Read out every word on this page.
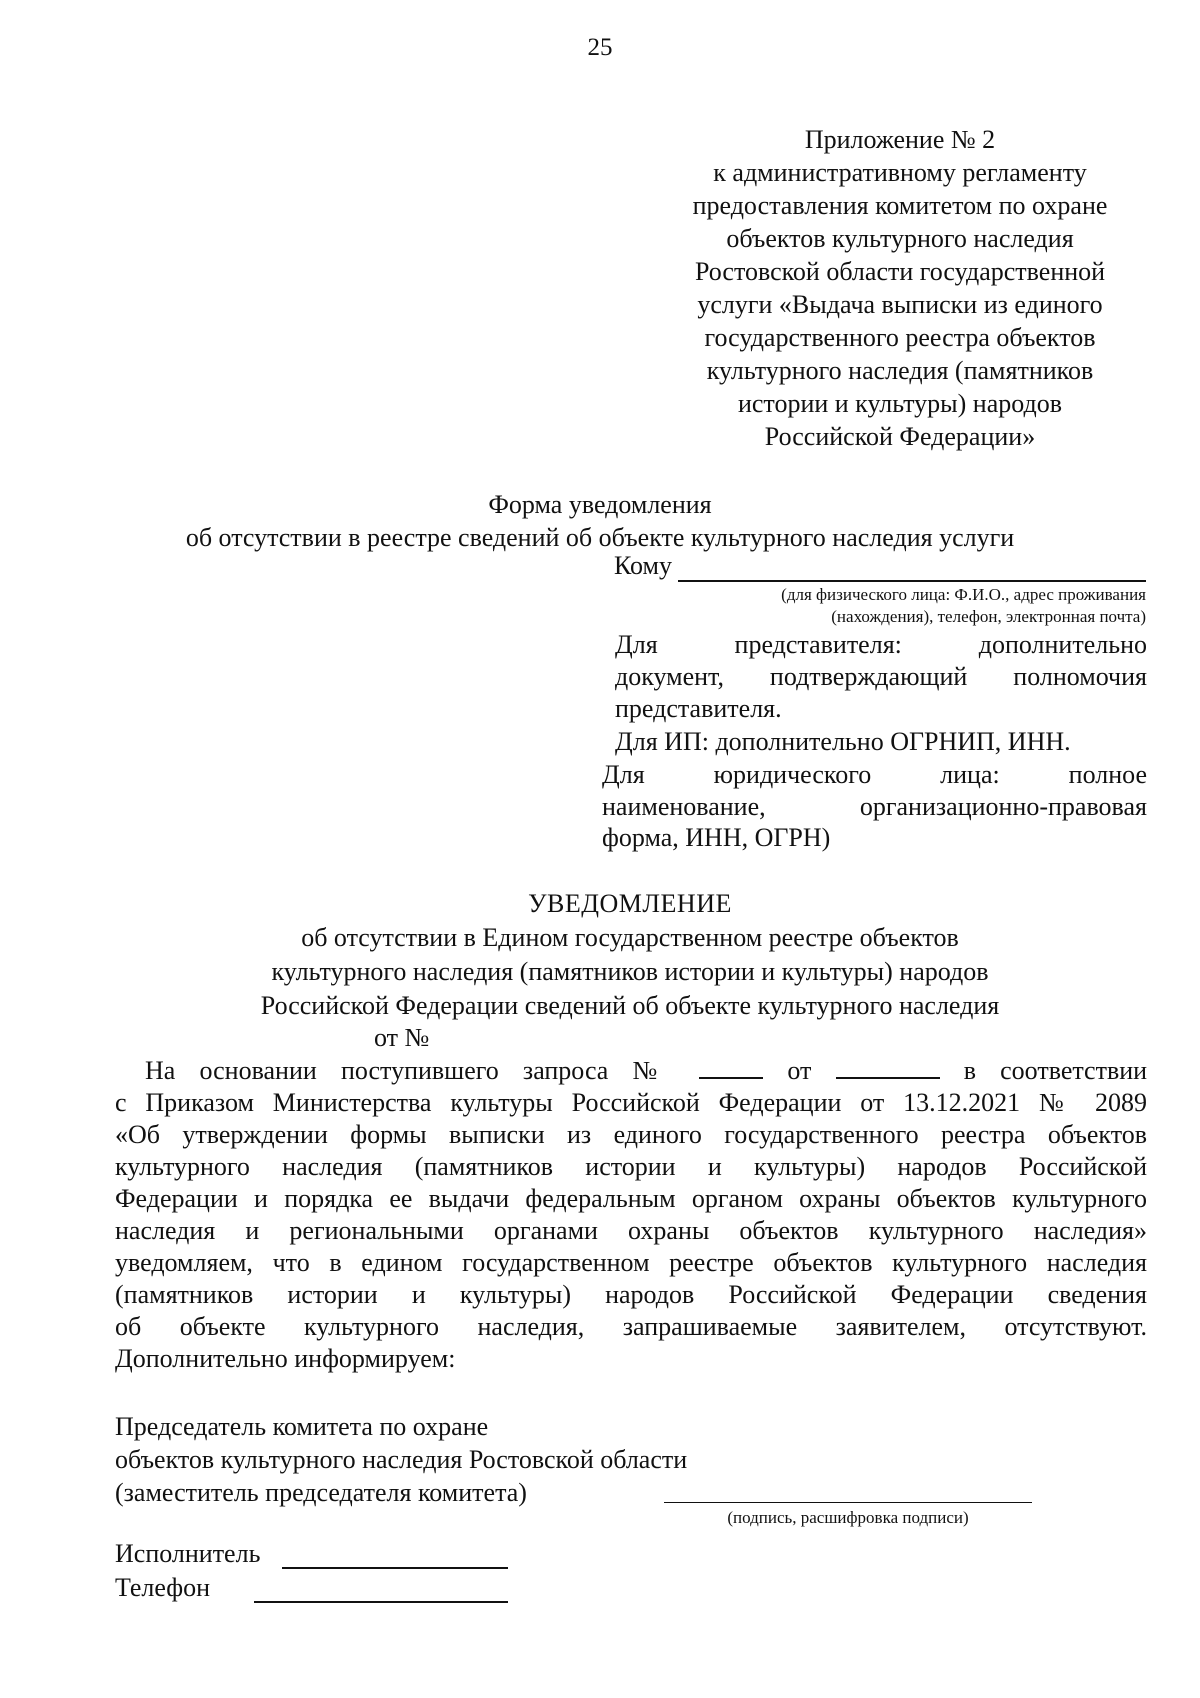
25
Приложение № 2
к административному регламенту
предоставления комитетом по охране
объектов культурного наследия
Ростовской области государственной
услуги «Выдача выписки из единого
государственного реестра объектов
культурного наследия (памятников
истории и культуры) народов
Российской Федерации»
Форма уведомления
об отсутствии в реестре сведений об объекте культурного наследия услуги
Кому
(для физического лица: Ф.И.О., адрес проживания
(нахождения), телефон, электронная почта)
Для представителя: дополнительно
документ, подтверждающий полномочия
представителя.
Для ИП: дополнительно ОГРНИП, ИНН.
Для юридического лица: полное
наименование, организационно-правовая
форма, ИНН, ОГРН)
УВЕДОМЛЕНИЕ
об отсутствии в Едином государственном реестре объектов
культурного наследия (памятников истории и культуры) народов
Российской Федерации сведений об объекте культурного наследия
от №
На основании поступившего запроса №	от	в соответствии
с Приказом Министерства культуры Российской Федерации от 13.12.2021 № 2089
«Об утверждении формы выписки из единого государственного реестра объектов
культурного наследия (памятников истории и культуры) народов Российской
Федерации и порядка ее выдачи федеральным органом охраны объектов культурного
наследия и региональными органами охраны объектов культурного наследия»
уведомляем, что в едином государственном реестре объектов культурного наследия
(памятников истории и культуры) народов Российской Федерации сведения
об объекте культурного наследия, запрашиваемые заявителем, отсутствуют.
Дополнительно информируем:
Председатель комитета по охране
объектов культурного наследия Ростовской области
(заместитель председателя комитета)
(подпись, расшифровка подписи)
Исполнитель
Телефон
